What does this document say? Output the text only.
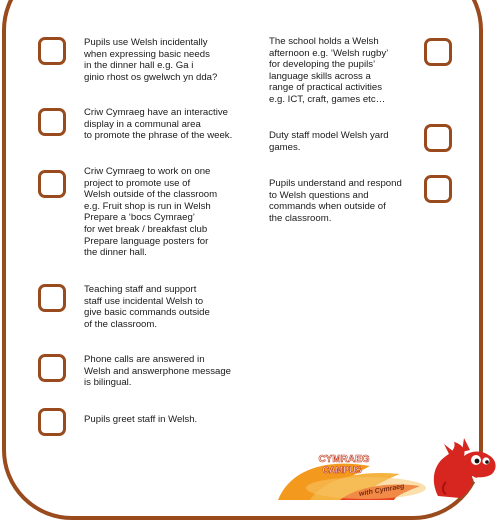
Pupils use Welsh incidentally
when expressing basic needs
in the dinner hall e.g. Ga i
ginio rhost os gwelwch yn dda?
Criw Cymraeg have an interactive
display in a communal area
to promote the phrase of the week.
Criw Cymraeg to work on one
project to promote use of
Welsh outside of the classroom
e.g. Fruit shop is run in Welsh
Prepare a ‘bocs Cymraeg’
for wet break / breakfast club
Prepare language posters for
the dinner hall.
Teaching staff and support
staff use incidental Welsh to
give basic commands outside
of the classroom.
Phone calls are answered in
Welsh and answerphone message
is bilingual.
Pupils greet staff in Welsh.
The school holds a Welsh
afternoon e.g. ‘Welsh rugby’
for developing the pupils’
language skills across a
range of practical activities
e.g. ICT, craft, games etc…
Duty staff model Welsh yard
games.
Pupils understand and respond
to Welsh questions and
commands when outside of
the classroom.
CYMRAEG
CAMPUS
with Cymraeg
